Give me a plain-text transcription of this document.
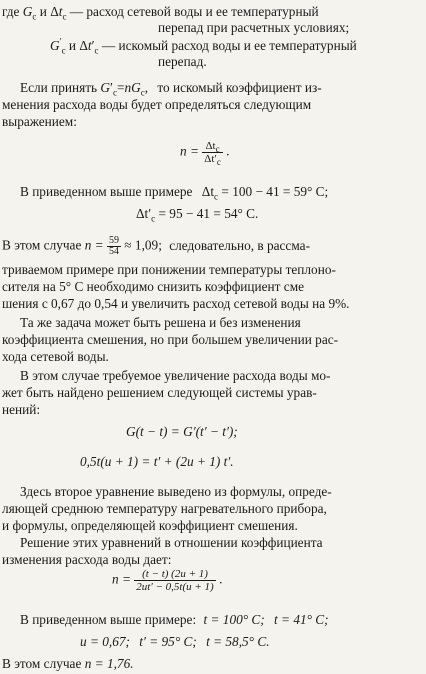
где $G_c$ и $\Delta t_c$ — расход сетевой воды и ее температурный
перепад при расчетных условиях;
$G'_c$ и $\Delta t'_c$ — искомый расход воды и ее температурный
перепад.
Если принять $G'_c=nG_c$, то искомый коэффициент из-
менения расхода воды будет определяться следующим
выражением:
$n = \frac{\Delta t_c}{\Delta t'_c}$ .
В приведенном выше примере $\Delta t_c = 100 - 41 = 59^\circ$ C;
$\Delta t'_c = 95 - 41 = 54^\circ$ C.
В этом случае $n = \frac{59}{54} \approx 1,09$; следовательно, в рассма-
триваемом примере при понижении температуры теплоно-
сителя на 5° C необходимо снизить коэффициент сме
шения с 0,67 до 0,54 и увеличить расход сетевой воды на 9%.
Та же задача может быть решена и без изменения
коэффициента смешения, но при большем увеличении рас-
хода сетевой воды.
В этом случае требуемое увеличение расхода воды мо-
жет быть найдено решением следующей системы урав-
нений:
G(t − t) = G′(t′ − t′);
0,5t(u + 1) = t′ + (2u + 1) t′.
Здесь второе уравнение выведено из формулы, опреде-
ляющей среднюю температуру нагревательного прибора,
и формулы, определяющей коэффициент смешения.
Решение этих уравнений в отношении коэффициента
изменения расхода воды дает:
$n = \frac{(t - t) (2u + 1)}{2ut' - 0,5t(u + 1)}$ .
В приведенном выше примере: t = 100° C; t = 41° C;
u = 0,67; t′ = 95° C; t = 58,5° C.
В этом случае n = 1,76.
